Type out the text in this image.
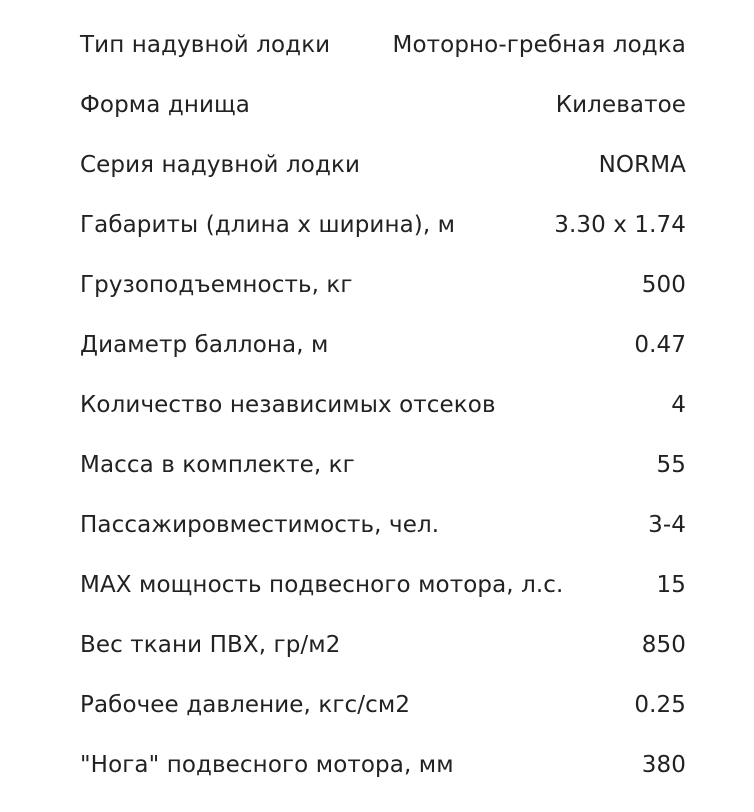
Тип надувной лодки	Моторно-гребная лодка
Форма днища	Килеватое
Серия надувной лодки	NORMA
Габариты (длина х ширина), м	3.30 x 1.74
Грузоподъемность, кг	500
Диаметр баллона, м	0.47
Количество независимых отсеков	4
Масса в комплекте, кг	55
Пассажировместимость, чел.	3-4
MAX мощность подвесного мотора, л.с.	15
Вес ткани ПВХ, гр/м2	850
Рабочее давление, кгс/см2	0.25
"Нога" подвесного мотора, мм	380
